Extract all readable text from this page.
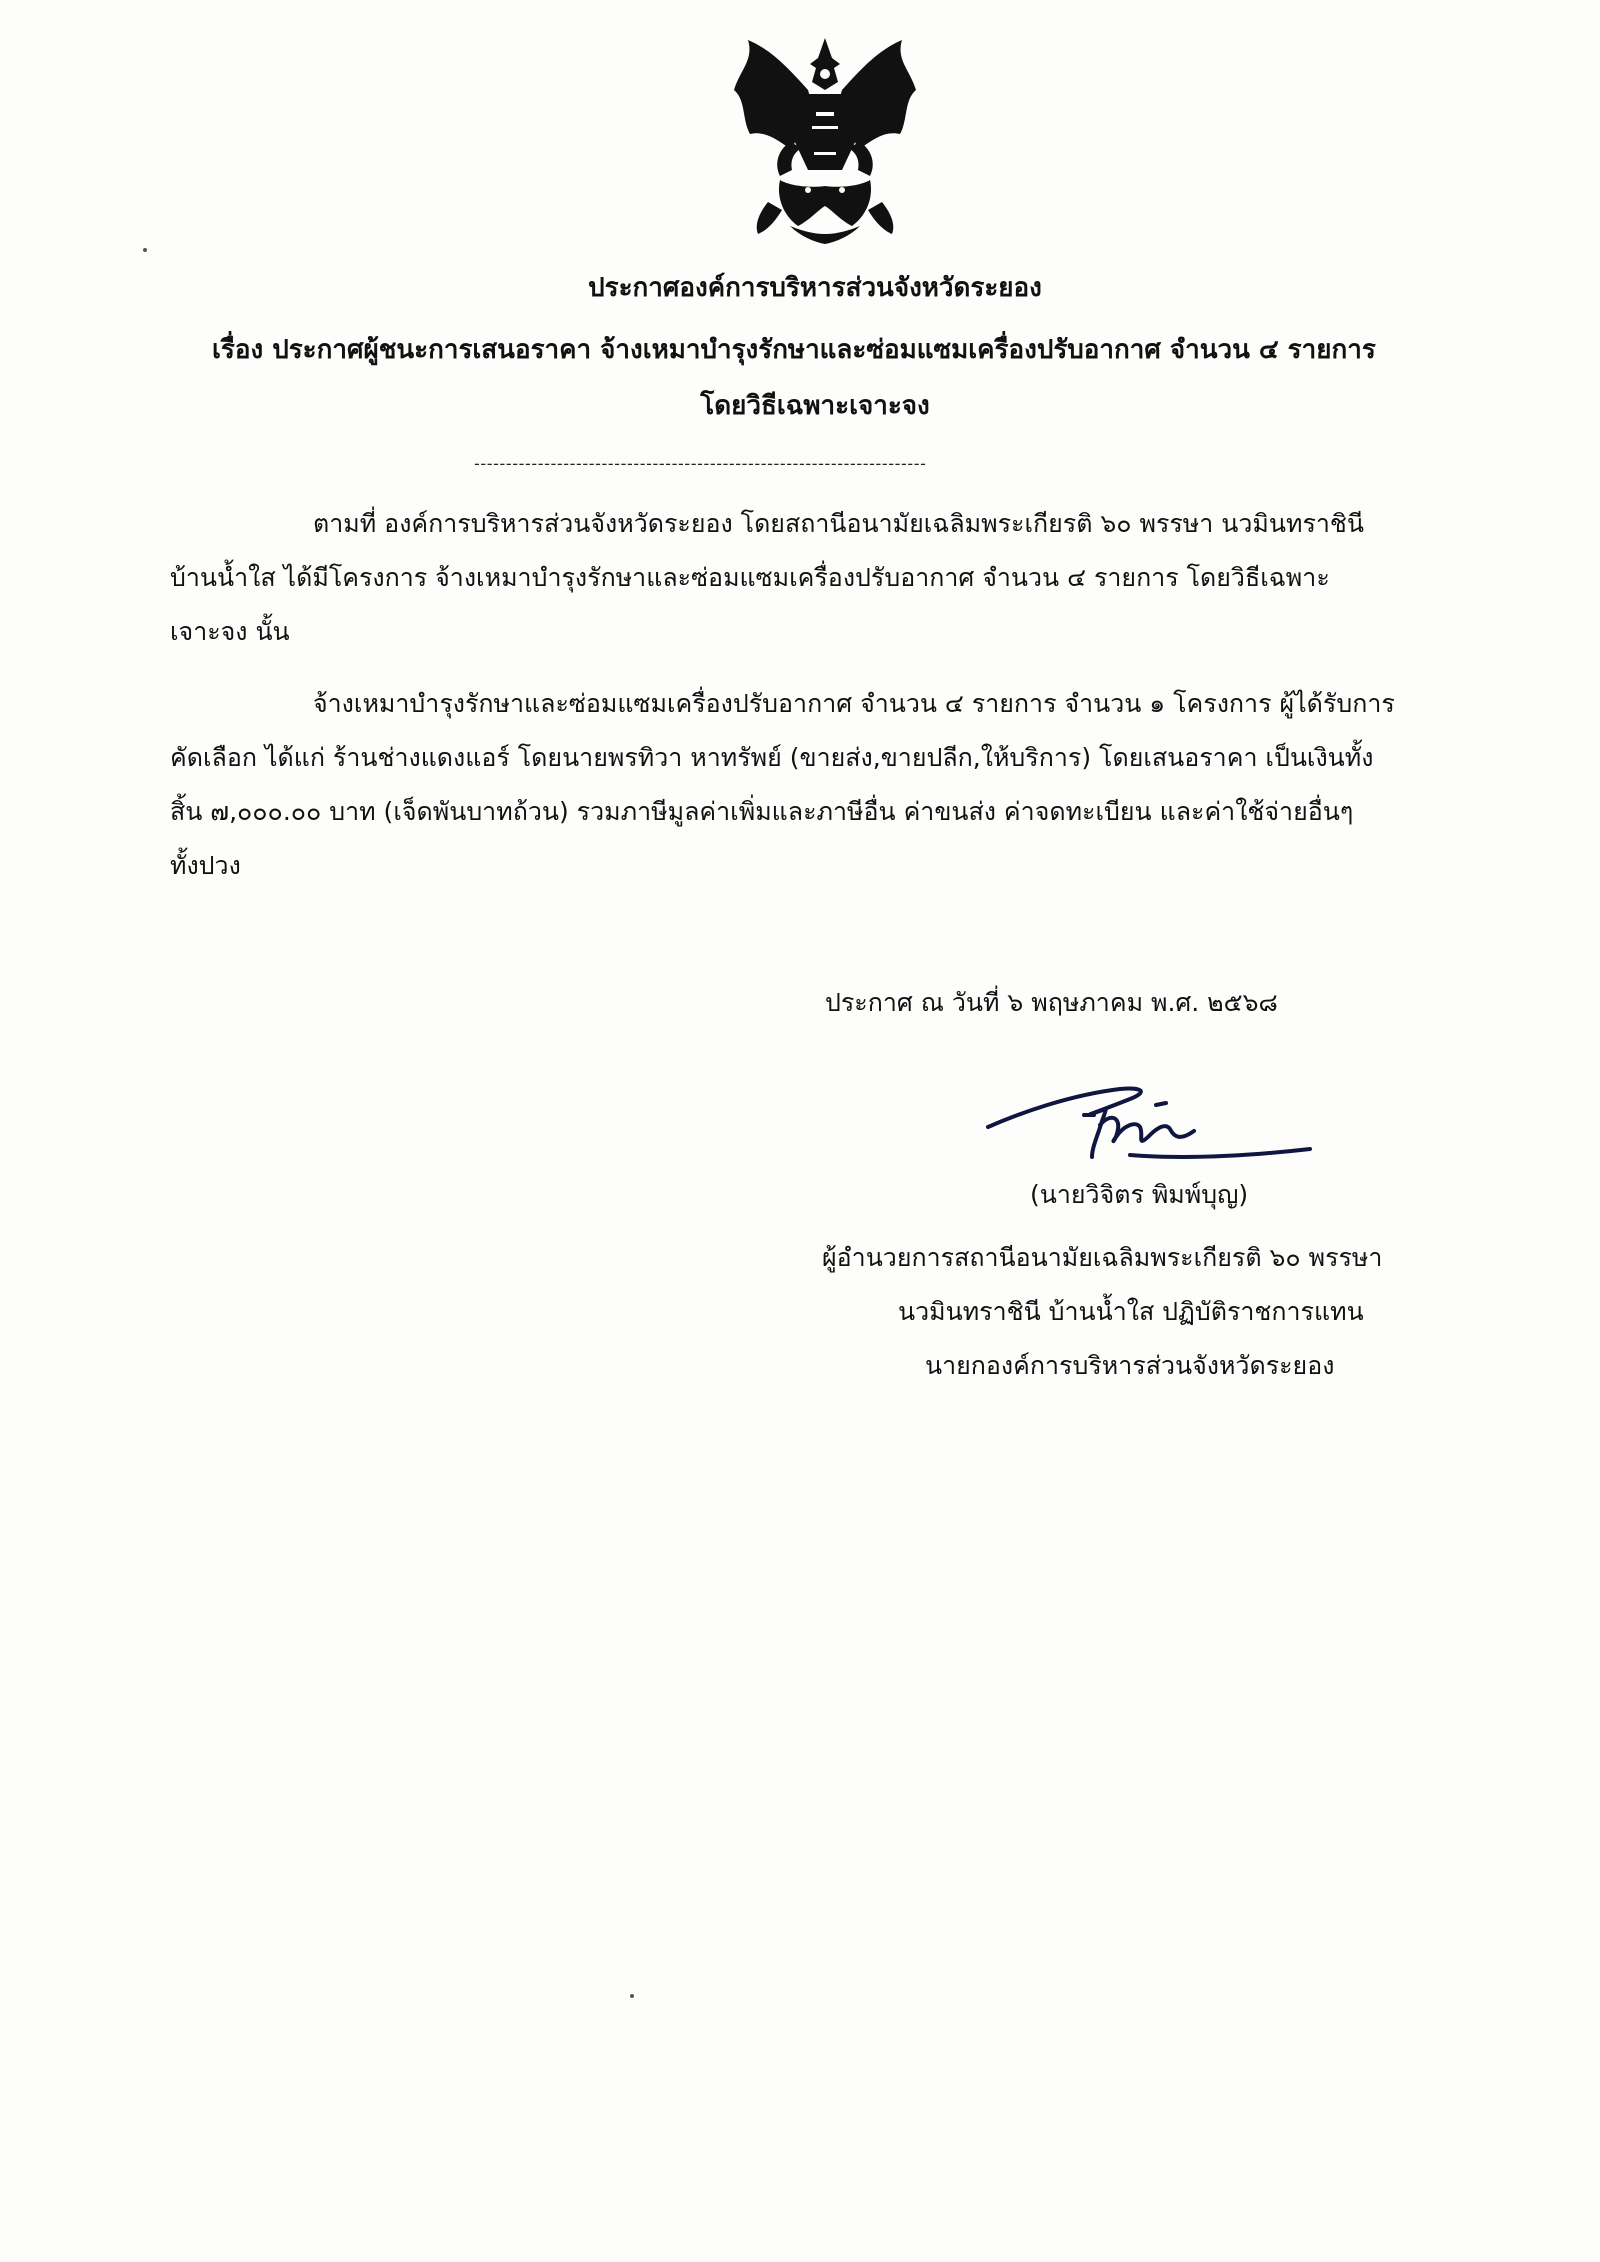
ประกาศองค์การบริหารส่วนจังหวัดระยอง
เรื่อง ประกาศผู้ชนะการเสนอราคา จ้างเหมาบำรุงรักษาและซ่อมแซมเครื่องปรับอากาศ จำนวน ๔ รายการ
โดยวิธีเฉพาะเจาะจง
-----------------------------------------------------------------------
ตามที่ องค์การบริหารส่วนจังหวัดระยอง โดยสถานีอนามัยเฉลิมพระเกียรติ ๖๐ พรรษา นวมินทราชินี
บ้านน้ำใส ได้มีโครงการ จ้างเหมาบำรุงรักษาและซ่อมแซมเครื่องปรับอากาศ จำนวน ๔ รายการ โดยวิธีเฉพาะ
เจาะจง นั้น
จ้างเหมาบำรุงรักษาและซ่อมแซมเครื่องปรับอากาศ จำนวน ๔ รายการ จำนวน ๑ โครงการ ผู้ได้รับการ
คัดเลือก ได้แก่ ร้านช่างแดงแอร์ โดยนายพรทิวา หาทรัพย์ (ขายส่ง,ขายปลีก,ให้บริการ) โดยเสนอราคา เป็นเงินทั้ง
สิ้น ๗,๐๐๐.๐๐ บาท (เจ็ดพันบาทถ้วน) รวมภาษีมูลค่าเพิ่มและภาษีอื่น ค่าขนส่ง ค่าจดทะเบียน และค่าใช้จ่ายอื่นๆ
ทั้งปวง
ประกาศ ณ วันที่ ๖ พฤษภาคม พ.ศ. ๒๕๖๘
(นายวิจิตร พิมพ์บุญ)
ผู้อำนวยการสถานีอนามัยเฉลิมพระเกียรติ ๖๐ พรรษา
นวมินทราชินี บ้านน้ำใส ปฏิบัติราชการแทน
นายกองค์การบริหารส่วนจังหวัดระยอง
